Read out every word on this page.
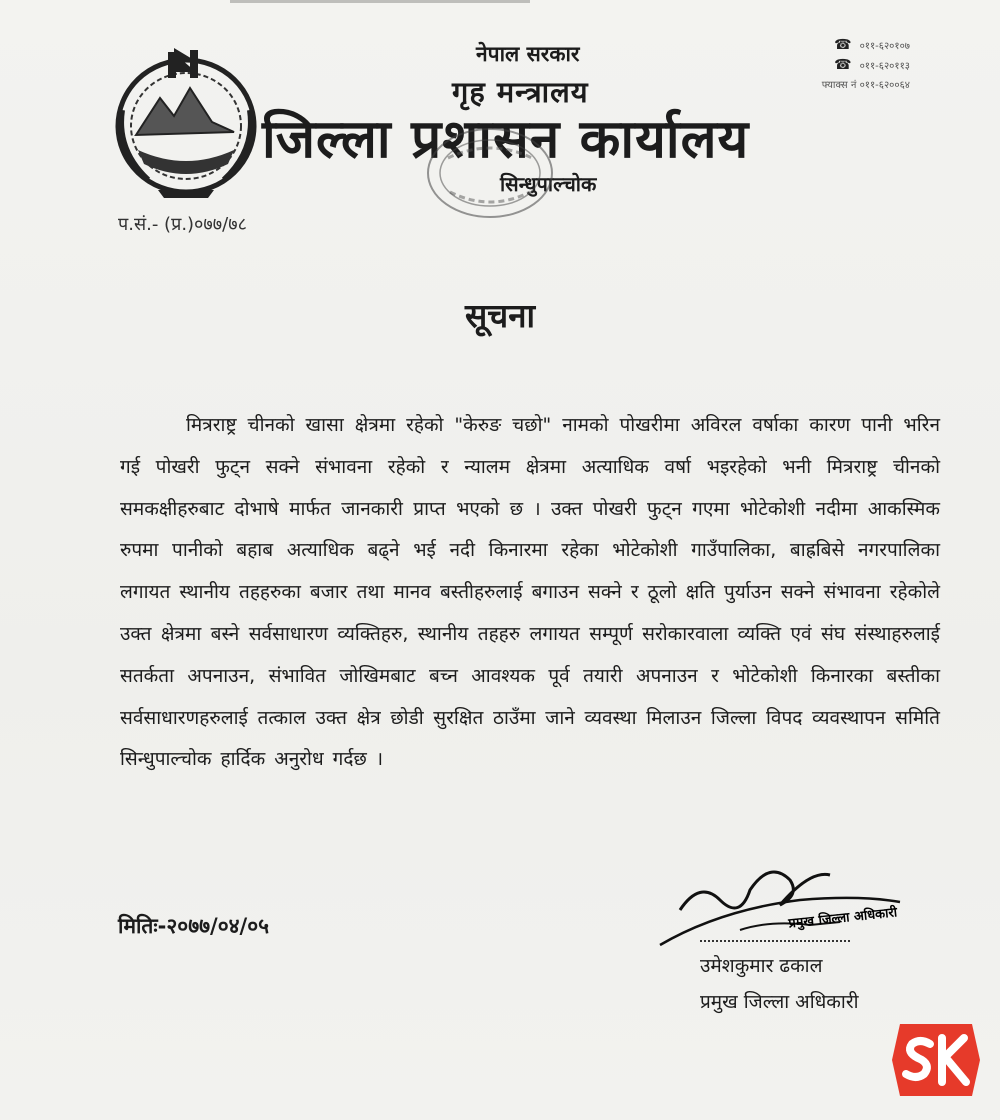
नेपाल सरकार
गृह मन्त्रालय
जिल्ला प्रशासन कार्यालय
सिन्धुपाल्चोक
☎ ०११-६२०१०७
☎ ०११-६२०११३
फ्याक्स नं ०११-६२००६४
प.सं.- (प्र.)०७७/७८
सूचना
मित्रराष्ट्र चीनको खासा क्षेत्रमा रहेको "केरुङ चछो" नामको पोखरीमा अविरल वर्षाका कारण पानी भरिन गई पोखरी फुट्न सक्ने संभावना रहेको र न्यालम क्षेत्रमा अत्याधिक वर्षा भइरहेको भनी मित्रराष्ट्र चीनको समकक्षीहरुबाट दोभाषे मार्फत जानकारी प्राप्त भएको छ । उक्त पोखरी फुट्न गएमा भोटेकोशी नदीमा आकस्मिक रुपमा पानीको बहाब अत्याधिक बढ्ने भई नदी किनारमा रहेका भोटेकोशी गाउँपालिका, बाह्रबिसे नगरपालिका लगायत स्थानीय तहहरुका बजार तथा मानव बस्तीहरुलाई बगाउन सक्ने र ठूलो क्षति पुर्याउन सक्ने संभावना रहेकोले उक्त क्षेत्रमा बस्ने सर्वसाधारण व्यक्तिहरु, स्थानीय तहहरु लगायत सम्पूर्ण सरोकारवाला व्यक्ति एवं संघ संस्थाहरुलाई सतर्कता अपनाउन, संभावित जोखिमबाट बच्न आवश्यक पूर्व तयारी अपनाउन र भोटेकोशी किनारका बस्तीका सर्वसाधारणहरुलाई तत्काल उक्त क्षेत्र छोडी सुरक्षित ठाउँमा जाने व्यवस्था मिलाउन जिल्ला विपद व्यवस्थापन समिति सिन्धुपाल्चोक हार्दिक अनुरोध गर्दछ ।
मितिः-२०७७/०४/०५	प्रमुख जिल्ला अधिकारी
उमेशकुमार ढकाल
प्रमुख जिल्ला अधिकारी
